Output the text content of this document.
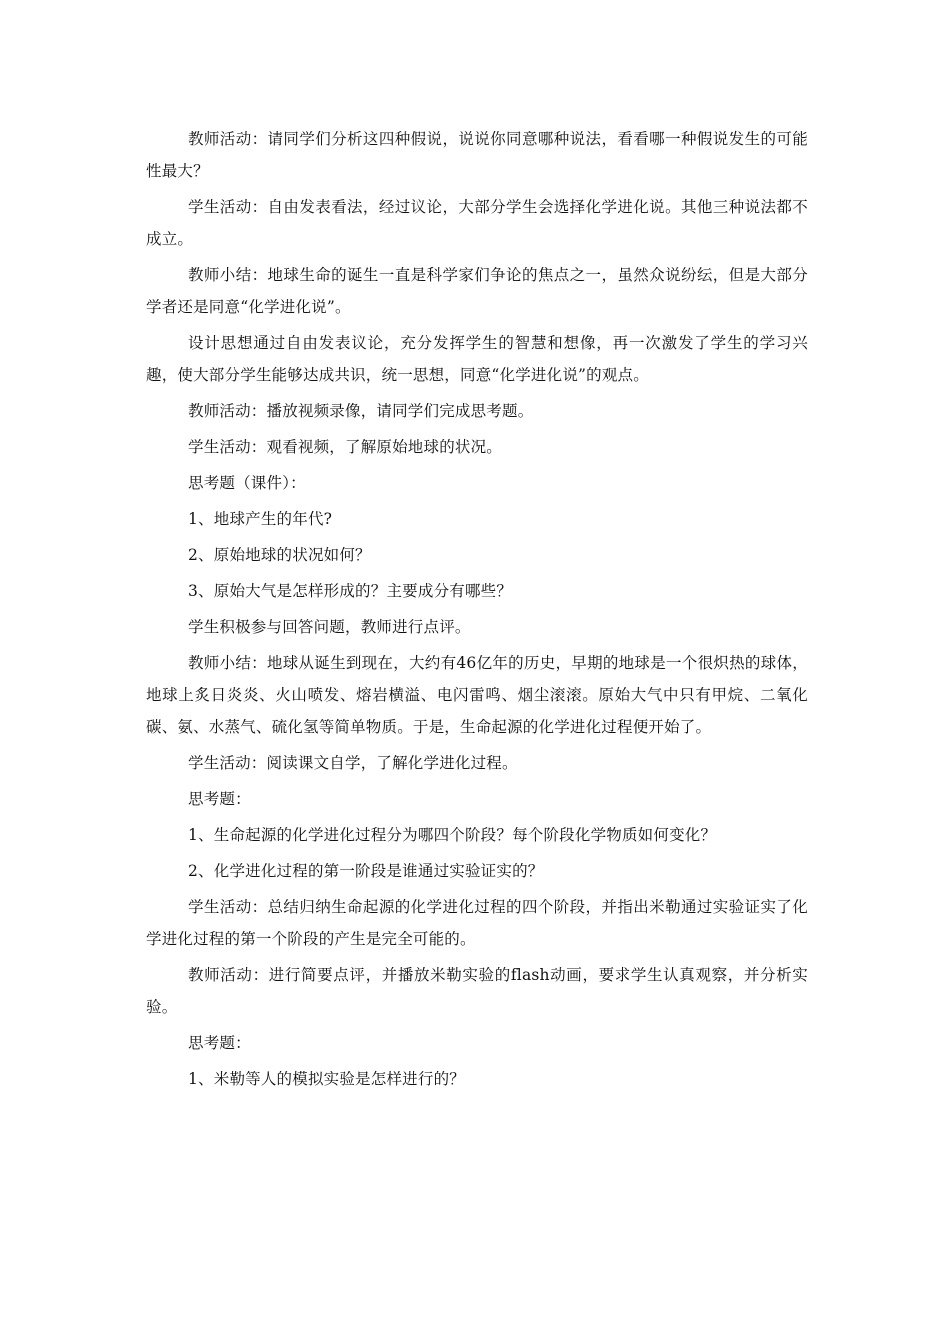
教师活动：请同学们分析这四种假说，说说你同意哪种说法，看看哪一种假说发生的可能性最大？

学生活动：自由发表看法，经过议论，大部分学生会选择化学进化说。其他三种说法都不成立。

教师小结：地球生命的诞生一直是科学家们争论的焦点之一，虽然众说纷纭，但是大部分学者还是同意“化学进化说”。

设计思想通过自由发表议论，充分发挥学生的智慧和想像，再一次激发了学生的学习兴趣，使大部分学生能够达成共识，统一思想，同意“化学进化说”的观点。

教师活动：播放视频录像，请同学们完成思考题。

学生活动：观看视频，了解原始地球的状况。

思考题（课件）：

1、地球产生的年代?

2、原始地球的状况如何？

3、原始大气是怎样形成的？主要成分有哪些？

学生积极参与回答问题，教师进行点评。

教师小结：地球从诞生到现在，大约有46亿年的历史，早期的地球是一个很炽热的球体，地球上炙日炎炎、火山喷发、熔岩横溢、电闪雷鸣、烟尘滚滚。原始大气中只有甲烷、二氧化碳、氨、水蒸气、硫化氢等简单物质。于是，生命起源的化学进化过程便开始了。

学生活动：阅读课文自学，了解化学进化过程。

思考题：

1、生命起源的化学进化过程分为哪四个阶段？每个阶段化学物质如何变化？

2、化学进化过程的第一阶段是谁通过实验证实的？

学生活动：总结归纳生命起源的化学进化过程的四个阶段，并指出米勒通过实验证实了化学进化过程的第一个阶段的产生是完全可能的。

教师活动：进行简要点评，并播放米勒实验的flash动画，要求学生认真观察，并分析实验。

思考题：

1、米勒等人的模拟实验是怎样进行的？
